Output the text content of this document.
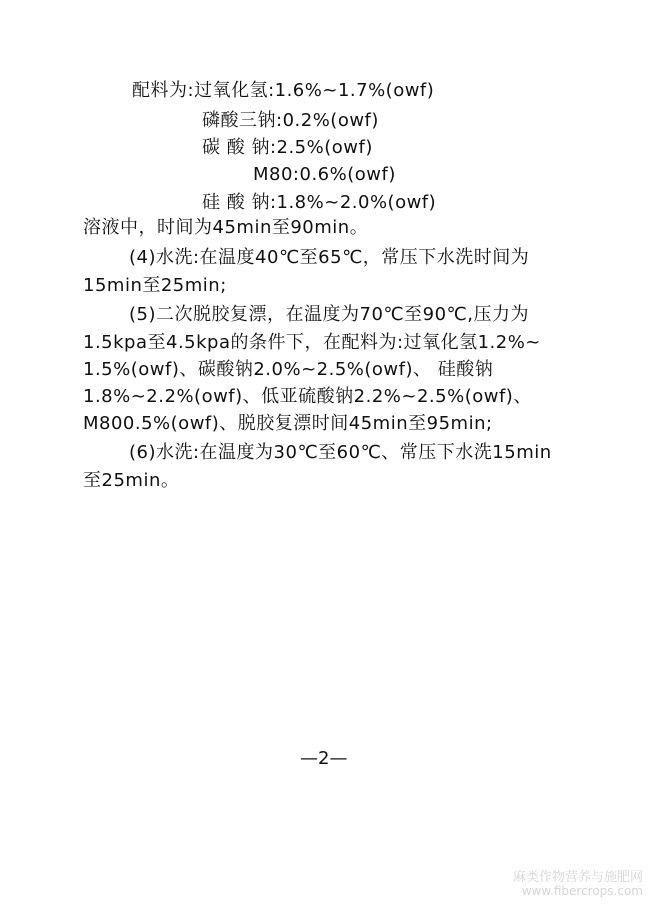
配料为:过氧化氢:1.6%~1.7%(owf)
磷酸三钠:0.2%(owf)
碳 酸 钠:2.5%(owf)
M80:0.6%(owf)
硅 酸 钠:1.8%~2.0%(owf)
溶液中，时间为45min至90min。
(4)水洗:在温度40℃至65℃，常压下水洗时间为
15min至25min;
(5)二次脱胶复漂，在温度为70℃至90℃,压力为
1.5kpa至4.5kpa的条件下，在配料为:过氧化氢1.2%~
1.5%(owf)、碳酸钠2.0%~2.5%(owf)、 硅酸钠
1.8%~2.2%(owf)、低亚硫酸钠2.2%~2.5%(owf)、
M800.5%(owf)、脱胶复漂时间45min至95min;
(6)水洗:在温度为30℃至60℃、常压下水洗15min
至25min。
—2—
麻类作物营养与施肥网
www.fibercrops.com
